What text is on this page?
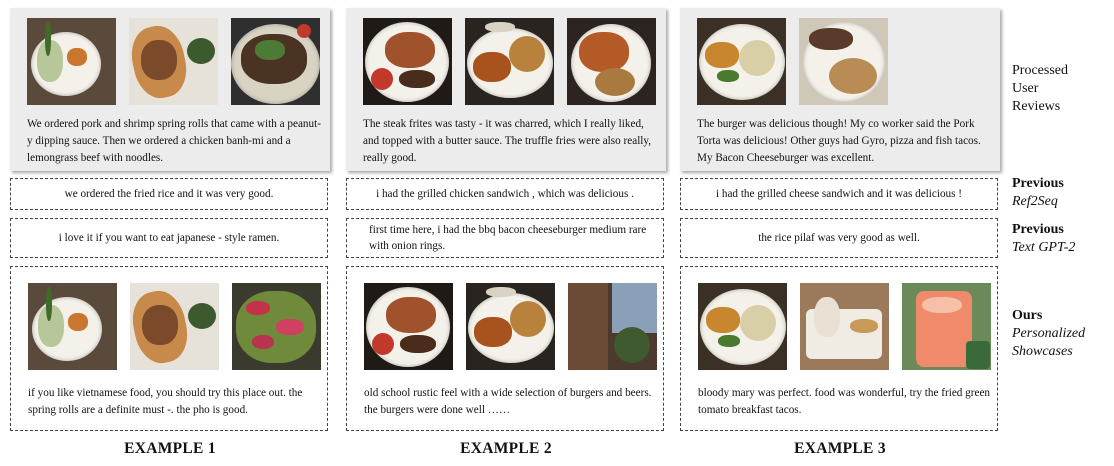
We ordered pork and shrimp spring rolls that came with a peanut-y dipping sauce. Then we ordered a chicken banh-mi and a lemongrass beef with noodles.
we ordered the fried rice and it was very good.
i love it if you want to eat japanese - style ramen.
if you like vietnamese food, you should try this place out. the spring rolls are a definite must -. the pho is good.
EXAMPLE 1
The steak frites was tasty - it was charred, which I really liked, and topped with a butter sauce. The truffle fries were also really, really good.
i had the grilled chicken sandwich , which was delicious .
first time here, i had the bbq bacon cheeseburger medium rare with onion rings.
old school rustic feel with a wide selection of burgers and beers. the burgers were done well ……
EXAMPLE 2
The burger was delicious though! My co worker said the Pork Torta was delicious! Other guys had Gyro, pizza and fish tacos. My Bacon Cheeseburger was excellent.
i had the grilled cheese sandwich and it was delicious !
the rice pilaf was very good as well.
bloody mary was perfect. food was wonderful, try the fried green tomato breakfast tacos.
EXAMPLE 3
Processed
User
Reviews
Previous
Ref2Seq
Previous
Text GPT-2
Ours
Personalized
Showcases
